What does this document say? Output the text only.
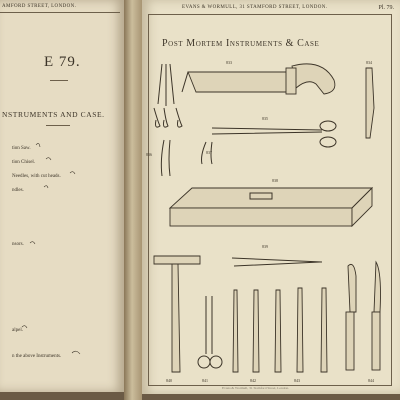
AMFORD STREET, LONDON.
E 79.
NSTRUMENTS AND CASE.
tion Saw.
tion Chisel.
Needles, with cut heads.
ndles.
nsors.
alpel.
n the above Instruments.
EVANS & WORMULL, 31 STAMFORD STREET, LONDON.	Pl. 79.
Post Mortem Instruments & Case
833	834
835
836	837
838
839
840	841	842	843	844
Evans & Wormull, 31 Stamford Street, London.
